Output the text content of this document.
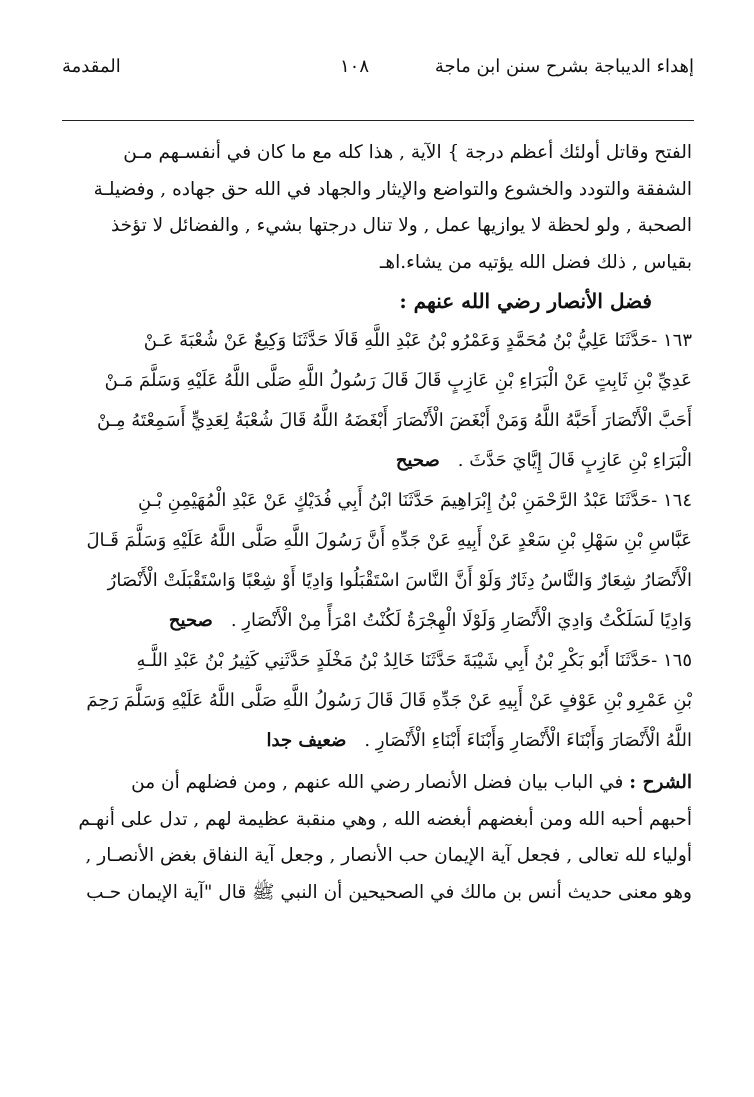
إهداء الديباجة بشرح سنن ابن ماجة
١٠٨
المقدمة
الفتح وقاتل أولئك أعظم درجة } الآية , هذا كله مع ما كان في أنفسـهم مـن
الشفقة والتودد والخشوع والتواضع والإيثار والجهاد في الله حق جهاده , وفضيلـة
الصحبة , ولو لحظة لا يوازيها عمل , ولا تنال درجتها بشيء , والفضائل لا تؤخذ
بقياس , ذلك فضل الله يؤتيه من يشاء.اهـ
فضل الأنصار رضي الله عنهم :
١٦٣ -حَدَّثَنَا عَلِيُّ بْنُ مُحَمَّدٍ وَعَمْرُو بْنُ عَبْدِ اللَّهِ قَالَا حَدَّثَنَا وَكِيعٌ عَنْ شُعْبَةَ عَـنْ
عَدِيِّ بْنِ ثَابِتٍ عَنْ الْبَرَاءِ بْنِ عَازِبٍ قَالَ قَالَ رَسُولُ اللَّهِ صَلَّى اللَّهُ عَلَيْهِ وَسَلَّمَ مَـنْ
أَحَبَّ الْأَنْصَارَ أَحَبَّهُ اللَّهُ وَمَنْ أَبْغَضَ الْأَنْصَارَ أَبْغَضَهُ اللَّهُ قَالَ شُعْبَةُ لِعَدِيٍّ أَسَمِعْتَهُ مِـنْ
الْبَرَاءِ بْنِ عَازِبٍ قَالَ إِيَّايَ حَدَّثَ .صحيح
١٦٤ -حَدَّثَنَا عَبْدُ الرَّحْمَنِ بْنُ إِبْرَاهِيمَ حَدَّثَنَا ابْنُ أَبِي فُدَيْكٍ عَنْ عَبْدِ الْمُهَيْمِنِ بْـنِ
عَبَّاسِ بْنِ سَهْلِ بْنِ سَعْدٍ عَنْ أَبِيهِ عَنْ جَدِّهِ أَنَّ رَسُولَ اللَّهِ صَلَّى اللَّهُ عَلَيْهِ وَسَلَّمَ قَـالَ
الْأَنْصَارُ شِعَارٌ وَالنَّاسُ دِثَارٌ وَلَوْ أَنَّ النَّاسَ اسْتَقْبَلُوا وَادِيًا أَوْ شِعْبًا وَاسْتَقْبَلَتْ الْأَنْصَارُ
وَادِيًا لَسَلَكْتُ وَادِيَ الْأَنْصَارِ وَلَوْلَا الْهِجْرَةُ لَكُنْتُ امْرَأً مِنْ الْأَنْصَارِ .صحيح
١٦٥ -حَدَّثَنَا أَبُو بَكْرِ بْنُ أَبِي شَيْبَةَ حَدَّثَنَا خَالِدُ بْنُ مَخْلَدٍ حَدَّثَنِي كَثِيرُ بْنُ عَبْدِ اللَّـهِ
بْنِ عَمْرِو بْنِ عَوْفٍ عَنْ أَبِيهِ عَنْ جَدِّهِ قَالَ قَالَ رَسُولُ اللَّهِ صَلَّى اللَّهُ عَلَيْهِ وَسَلَّمَ رَحِمَ
اللَّهُ الْأَنْصَارَ وَأَبْنَاءَ الْأَنْصَارِ وَأَبْنَاءَ أَبْنَاءِ الْأَنْصَارِ .ضعيف جدا
الشرح : في الباب بيان فضل الأنصار رضي الله عنهم , ومن فضلهم أن من
أحبهم أحبه الله ومن أبغضهم أبغضه الله , وهي منقبة عظيمة لهم , تدل على أنهـم
أولياء لله تعالى , فجعل آية الإيمان حب الأنصار , وجعل آية النفاق بغض الأنصـار ,
وهو معنى حديث أنس بن مالك في الصحيحين أن النبي ﷺ قال "آية الإيمان حـب
